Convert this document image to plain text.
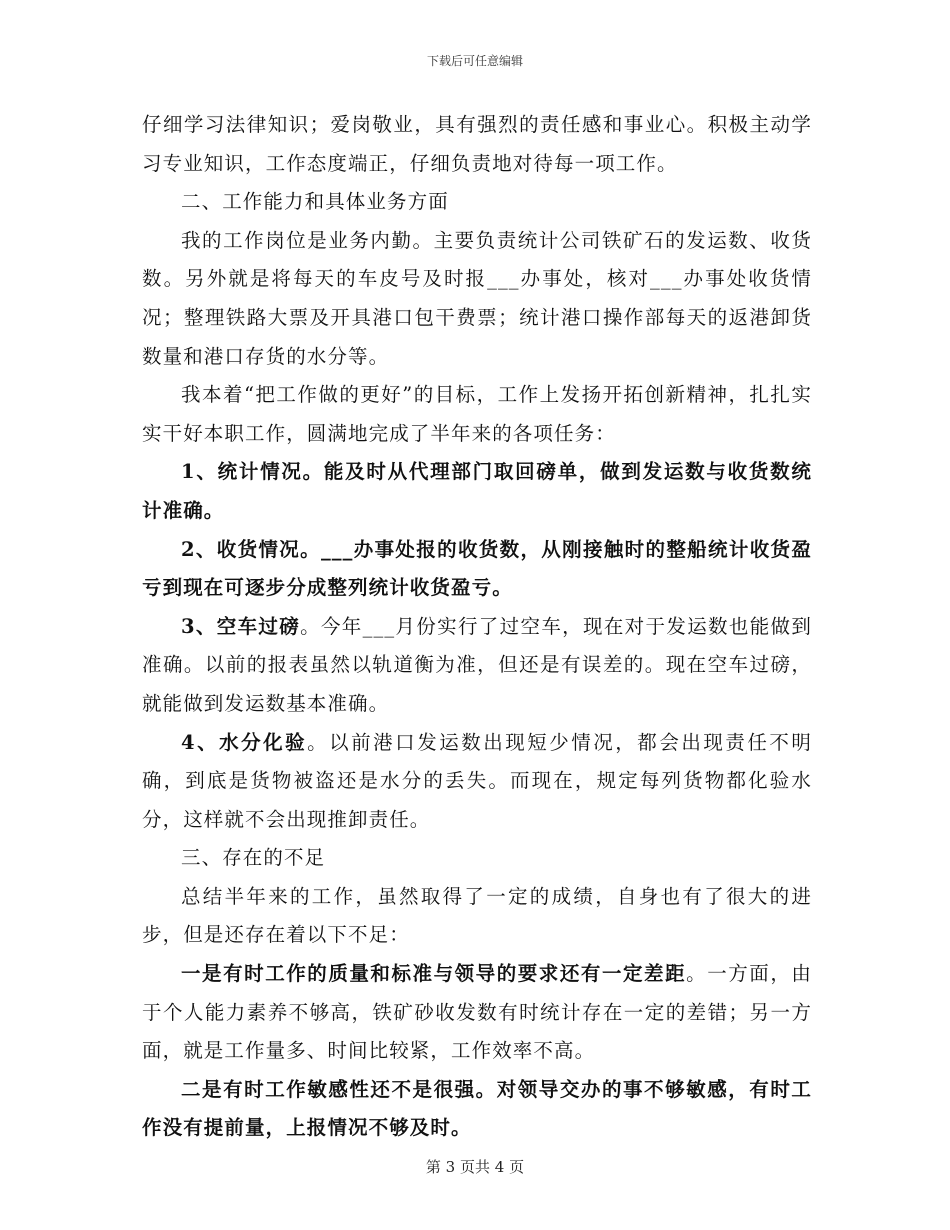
下载后可任意编辑

仔细学习法律知识；爱岗敬业，具有强烈的责任感和事业心。积极主动学习专业知识，工作态度端正，仔细负责地对待每一项工作。

二、工作能力和具体业务方面

我的工作岗位是业务内勤。主要负责统计公司铁矿石的发运数、收货数。另外就是将每天的车皮号及时报___办事处，核对___办事处收货情况；整理铁路大票及开具港口包干费票；统计港口操作部每天的返港卸货数量和港口存货的水分等。

我本着“把工作做的更好”的目标，工作上发扬开拓创新精神，扎扎实实干好本职工作，圆满地完成了半年来的各项任务：

1、统计情况。能及时从代理部门取回磅单，做到发运数与收货数统计准确。

2、收货情况。___办事处报的收货数，从刚接触时的整船统计收货盈亏到现在可逐步分成整列统计收货盈亏。

3、空车过磅。今年___月份实行了过空车，现在对于发运数也能做到准确。以前的报表虽然以轨道衡为准，但还是有误差的。现在空车过磅，就能做到发运数基本准确。

4、水分化验。以前港口发运数出现短少情况，都会出现责任不明确，到底是货物被盗还是水分的丢失。而现在，规定每列货物都化验水分，这样就不会出现推卸责任。

三、存在的不足

总结半年来的工作，虽然取得了一定的成绩，自身也有了很大的进步，但是还存在着以下不足：

一是有时工作的质量和标准与领导的要求还有一定差距。一方面，由于个人能力素养不够高，铁矿砂收发数有时统计存在一定的差错；另一方面，就是工作量多、时间比较紧，工作效率不高。

二是有时工作敏感性还不是很强。对领导交办的事不够敏感，有时工作没有提前量，上报情况不够及时。

第 3 页共 4 页
